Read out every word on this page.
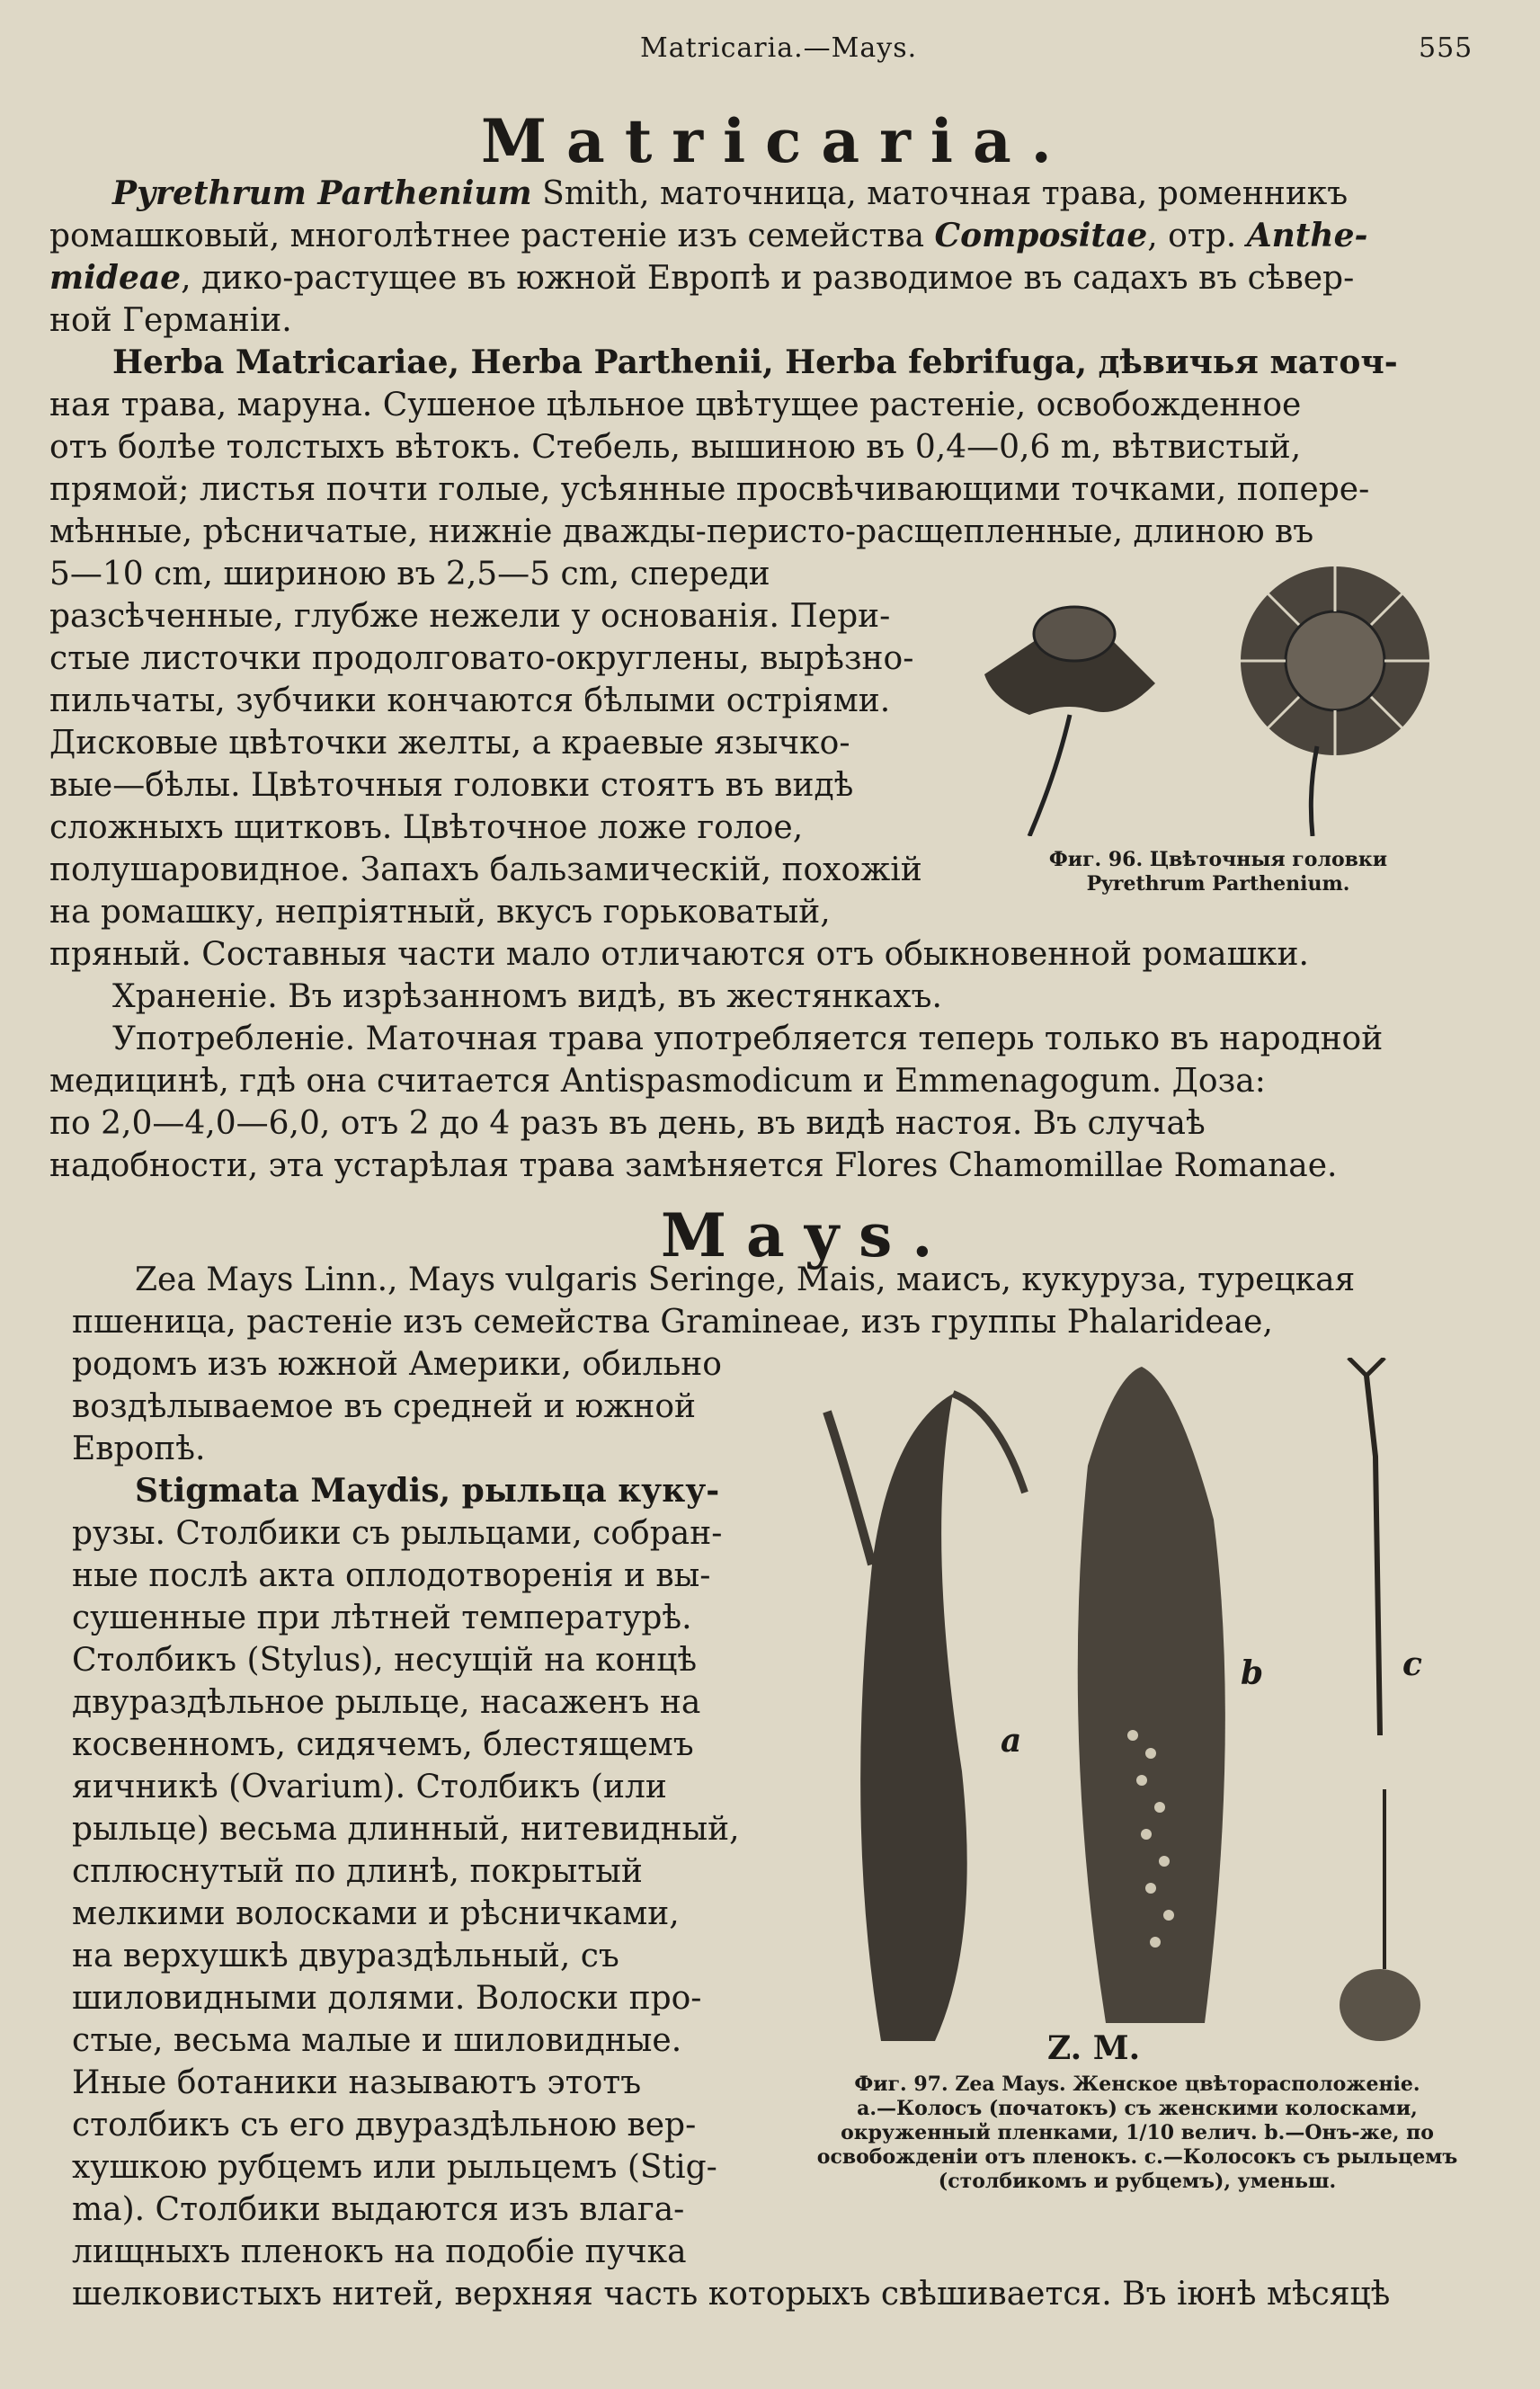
Matricaria.—Mays.	555
Matricaria.
Pyrethrum Parthenium Smith, маточница, маточная трава, роменникъ
ромашковый, многолѣтнее растеніе изъ семейства Compositae, отр. Anthe-
mideae, дико-растущее въ южной Европѣ и разводимое въ садахъ въ сѣвер-
ной Германіи.
Herba Matricariae, Herba Parthenii, Herba febrifuga, дѣвичья маточ-
ная трава, маруна. Сушеное цѣльное цвѣтущее растеніе, освобожденное
отъ болѣе толстыхъ вѣтокъ. Стебель, вышиною въ 0,4—0,6 m, вѣтвистый,
прямой; листья почти голые, усѣянные просвѣчивающими точками, попере-
мѣнные, рѣсничатые, нижніе дважды-перисто-расщепленные, длиною въ
5—10 cm, шириною въ 2,5—5 cm, спереди
разсѣченные, глубже нежели у основанія. Пери-
стые листочки продолговато-округлены, вырѣзно-
пильчаты, зубчики кончаются бѣлыми остріями.
Дисковые цвѣточки желты, а краевые язычко-
вые—бѣлы. Цвѣточныя головки стоятъ въ видѣ
сложныхъ щитковъ. Цвѣточное ложе голое,
полушаровидное. Запахъ бальзамическій, похожій
на ромашку, непріятный, вкусъ горьковатый,
пряный. Составныя части мало отличаются отъ обыкновенной ромашки.
Храненіе. Въ изрѣзанномъ видѣ, въ жестянкахъ.
Употребленіе. Маточная трава употребляется теперь только въ народной
медицинѣ, гдѣ она считается Antispasmodicum и Emmenagogum. Доза:
по 2,0—4,0—6,0, отъ 2 до 4 разъ въ день, въ видѣ настоя. Въ случаѣ
надобности, эта устарѣлая трава замѣняется Flores Chamomillae Romanae.
Фиг. 96. Цвѣточныя головки
Pyrethrum Parthenium.
Mays.
Zea Mays Linn., Mays vulgaris Seringe, Mais, маисъ, кукуруза, турецкая
пшеница, растеніе изъ семейства Gramineae, изъ группы Phalarideae,
родомъ изъ южной Америки, обильно
воздѣлываемое въ средней и южной
Европѣ.
Stigmata Maydis, рыльца куку-
рузы. Столбики съ рыльцами, собран-
ные послѣ акта оплодотворенія и вы-
сушенные при лѣтней температурѣ.
Столбикъ (Stylus), несущій на концѣ
двураздѣльное рыльце, насаженъ на
косвенномъ, сидячемъ, блестящемъ
яичникѣ (Ovarium). Столбикъ (или
рыльце) весьма длинный, нитевидный,
сплюснутый по длинѣ, покрытый
мелкими волосками и рѣсничками,
на верхушкѣ двураздѣльный, съ
шиловидными долями. Волоски про-
стые, весьма малые и шиловидные.
Иные ботаники называютъ этотъ
столбикъ съ его двураздѣльною вер-
хушкою рубцемъ или рыльцемъ (Stig-
ma). Столбики выдаются изъ влага-
лищныхъ пленокъ на подобіе пучка
шелковистыхъ нитей, верхняя часть которыхъ свѣшивается. Въ іюнѣ мѣсяцѣ
a
b	c
Z. M.
Фиг. 97. Zea Mays. Женское цвѣторасположеніе.
a.—Колосъ (початокъ) съ женскими колосками,
окруженный пленками, 1/10 велич. b.—Онъ-же, по
освобожденіи отъ пленокъ. c.—Колосокъ съ рыльцемъ
(столбикомъ и рубцемъ), уменьш.
